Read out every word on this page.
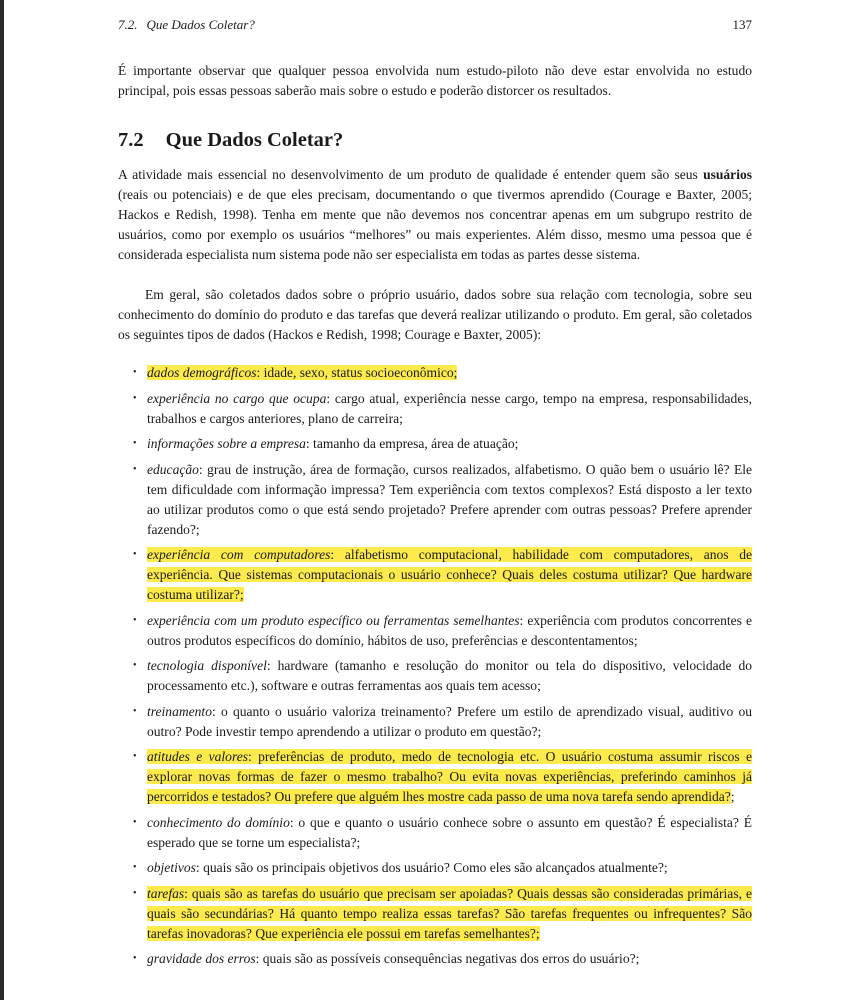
7.2. Que Dados Coletar?	137

É importante observar que qualquer pessoa envolvida num estudo-piloto não deve estar envolvida no estudo principal, pois essas pessoas saberão mais sobre o estudo e poderão distorcer os resultados.

7.2 Que Dados Coletar?

A atividade mais essencial no desenvolvimento de um produto de qualidade é entender quem são seus usuários (reais ou potenciais) e de que eles precisam, documentando o que tivermos aprendido (Courage e Baxter, 2005; Hackos e Redish, 1998). Tenha em mente que não devemos nos concentrar apenas em um subgrupo restrito de usuários, como por exemplo os usuários “melhores” ou mais experientes. Além disso, mesmo uma pessoa que é considerada especialista num sistema pode não ser especialista em todas as partes desse sistema.

Em geral, são coletados dados sobre o próprio usuário, dados sobre sua relação com tecnologia, sobre seu conhecimento do domínio do produto e das tarefas que deverá realizar utilizando o produto. Em geral, são coletados os seguintes tipos de dados (Hackos e Redish, 1998; Courage e Baxter, 2005):

• dados demográficos: idade, sexo, status socioeconômico;
• experiência no cargo que ocupa: cargo atual, experiência nesse cargo, tempo na empresa, responsabilidades, trabalhos e cargos anteriores, plano de carreira;
• informações sobre a empresa: tamanho da empresa, área de atuação;
• educação: grau de instrução, área de formação, cursos realizados, alfabetismo. O quão bem o usuário lê? Ele tem dificuldade com informação impressa? Tem experiência com textos complexos? Está disposto a ler texto ao utilizar produtos como o que está sendo projetado? Prefere aprender com outras pessoas? Prefere aprender fazendo?;
• experiência com computadores: alfabetismo computacional, habilidade com computadores, anos de experiência. Que sistemas computacionais o usuário conhece? Quais deles costuma utilizar? Que hardware costuma utilizar?;
• experiência com um produto específico ou ferramentas semelhantes: experiência com produtos concorrentes e outros produtos específicos do domínio, hábitos de uso, preferências e descontentamentos;
• tecnologia disponível: hardware (tamanho e resolução do monitor ou tela do dispositivo, velocidade do processamento etc.), software e outras ferramentas aos quais tem acesso;
• treinamento: o quanto o usuário valoriza treinamento? Prefere um estilo de aprendizado visual, auditivo ou outro? Pode investir tempo aprendendo a utilizar o produto em questão?;
• atitudes e valores: preferências de produto, medo de tecnologia etc. O usuário costuma assumir riscos e explorar novas formas de fazer o mesmo trabalho? Ou evita novas experiências, preferindo caminhos já percorridos e testados? Ou prefere que alguém lhes mostre cada passo de uma nova tarefa sendo aprendida?;
• conhecimento do domínio: o que e quanto o usuário conhece sobre o assunto em questão? É especialista? É esperado que se torne um especialista?;
• objetivos: quais são os principais objetivos dos usuário? Como eles são alcançados atualmente?;
• tarefas: quais são as tarefas do usuário que precisam ser apoiadas? Quais dessas são consideradas primárias, e quais são secundárias? Há quanto tempo realiza essas tarefas? São tarefas frequentes ou infrequentes? São tarefas inovadoras? Que experiência ele possui em tarefas semelhantes?;
• gravidade dos erros: quais são as possíveis consequências negativas dos erros do usuário?;
